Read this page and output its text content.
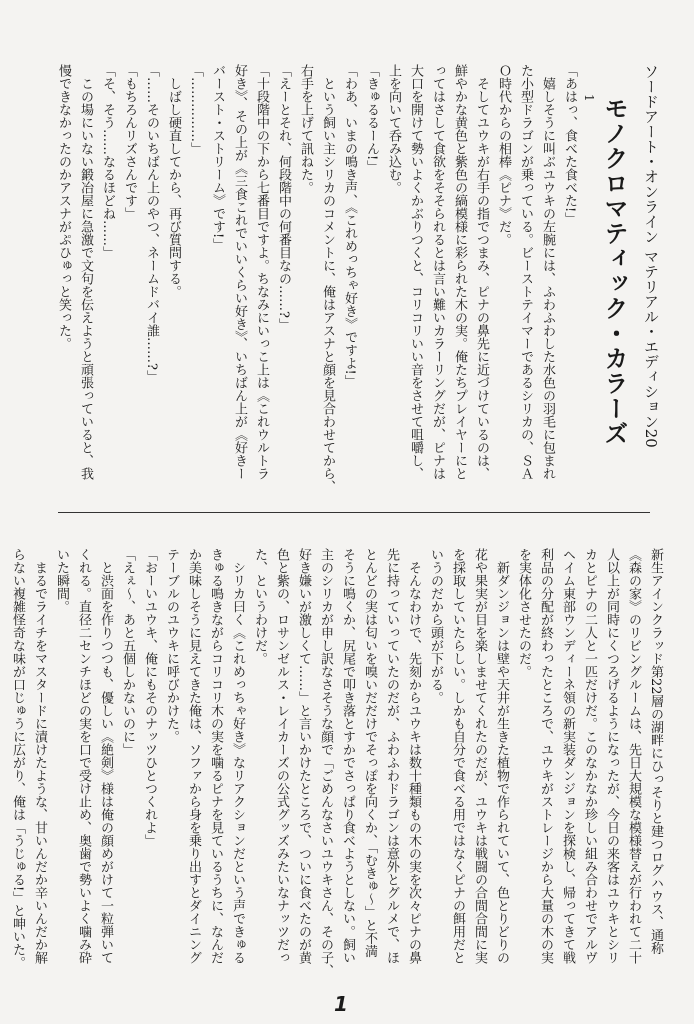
ソードアート・オンライン マテリアル・エディション20
モノクロマティック・カラーズ
1
「あはっ、食べた食べた!」
　嬉しそうに叫ぶユウキの左腕には、ふわふわした水色の羽毛に包まれ
た小型ドラゴンが乗っている。ビーストテイマーであるシリカの、ＳＡ
Ｏ時代からの相棒《ピナ》だ。
　そしてユウキが右手の指でつまみ、ピナの鼻先に近づけているのは、
鮮やかな黄色と紫色の縞模様に彩られた木の実。俺たちプレイヤーにと
ってはさして食欲をそそられるとは言い難いカラーリングだが、ピナは
大口を開けて勢いよくかぶりつくと、コリコリいい音をさせて咀嚼し、
上を向いて呑み込む。
「きゅるるーん!」
「わあ、いまの鳴き声、《これめっちゃ好き》ですよ!」
　という飼い主シリカのコメントに、俺はアスナと顔を見合わせてから、
右手を上げて訊ねた。
「えーとそれ、何段階中の何番目なの……?」
「十段階中の下から七番目ですよ。ちなみにいっこ上は《これウルトラ
好き》、その上が《三食これでいいくらい好き》、いちばん上が《好きー
バースト・ストリーム》です!」
「……………」
　しばし硬直してから、再び質問する。
「……そのいちばん上のやつ、ネームドバイ誰……?」
「もちろんリズさんです」
「そ、そう……なるほどね……」
　この場にいない鍛冶屋に急激で文句を伝えようと頑張っていると、我
慢できなかったのかアスナがぷひゅっと笑った。
新生アインクラッド第22層の湖畔にひっそりと建つログハウス、通称
《森の家》のリビングルームは、先日大規模な模様替えが行われて二十
人以上が同時にくつろげるようになったが、今日の来客はユウキとシリ
カとピナの二人と一匹だけだ。このなかなか珍しい組み合わせでアルヴ
ヘイム東部ウンディーネ領の新実装ダンジョンを探検し、帰ってきて戦
利品の分配が終わったところで、ユウキがストレージから大量の木の実
を実体化させたのだ。
　新ダンジョンは壁や天井が生きた植物で作られていて、色とりどりの
花や果実が目を楽しませてくれたのだが、ユウキは戦闘の合間合間に実
を採取していたらしい。しかも自分で食べる用ではなくピナの餌用だと
いうのだから頭が下がる。
　そんなわけで、先刻からユウキは数十種類もの木の実を次々ピナの鼻
先に持っていっていたのだが、ふわふわドラゴンは意外とグルメで、ほ
とんどの実は匂いを嗅いだだけでそっぽを向くか、「むきゅ～」と不満
そうに鳴くか、尻尾で叩き落とすかでさっぱり食べようとしない。飼い
主のシリカが申し訳なさそうな顔で「ごめんなさいユウキさん、その子、
好き嫌いが激しくて……」と言いかけたところで、ついに食べたのが黄
色と紫の、ロサンゼルス・レイカーズの公式グッズみたいなナッツだっ
た、というわけだ。
　シリカ曰く《これめっちゃ好き》なリアクションだという声できゅる
きゅる鳴きながらコリコリ木の実を噛るピナを見ているうちに、なんだ
か美味しそうに見えてきた俺は、ソファから身を乗り出すとダイニング
テーブルのユウキに呼びかけた。
「おーいユウキ、俺にもそのナッツひとつくれよ」
「えぇ～、あと五個しかないのに」
　と渋面を作りつつも、優しい《絶剣》様は俺の顔めがけて一粒弾いて
くれる。直径二センチほどの実を口で受け止め、奥歯で勢いよく噛み砕
いた瞬間。
　まるでライチをマスタードに漬けたような、甘いんだか辛いんだか解
らない複雑怪奇な味が口じゅうに広がり、俺は「うじゅる!」と呻いた。
1
